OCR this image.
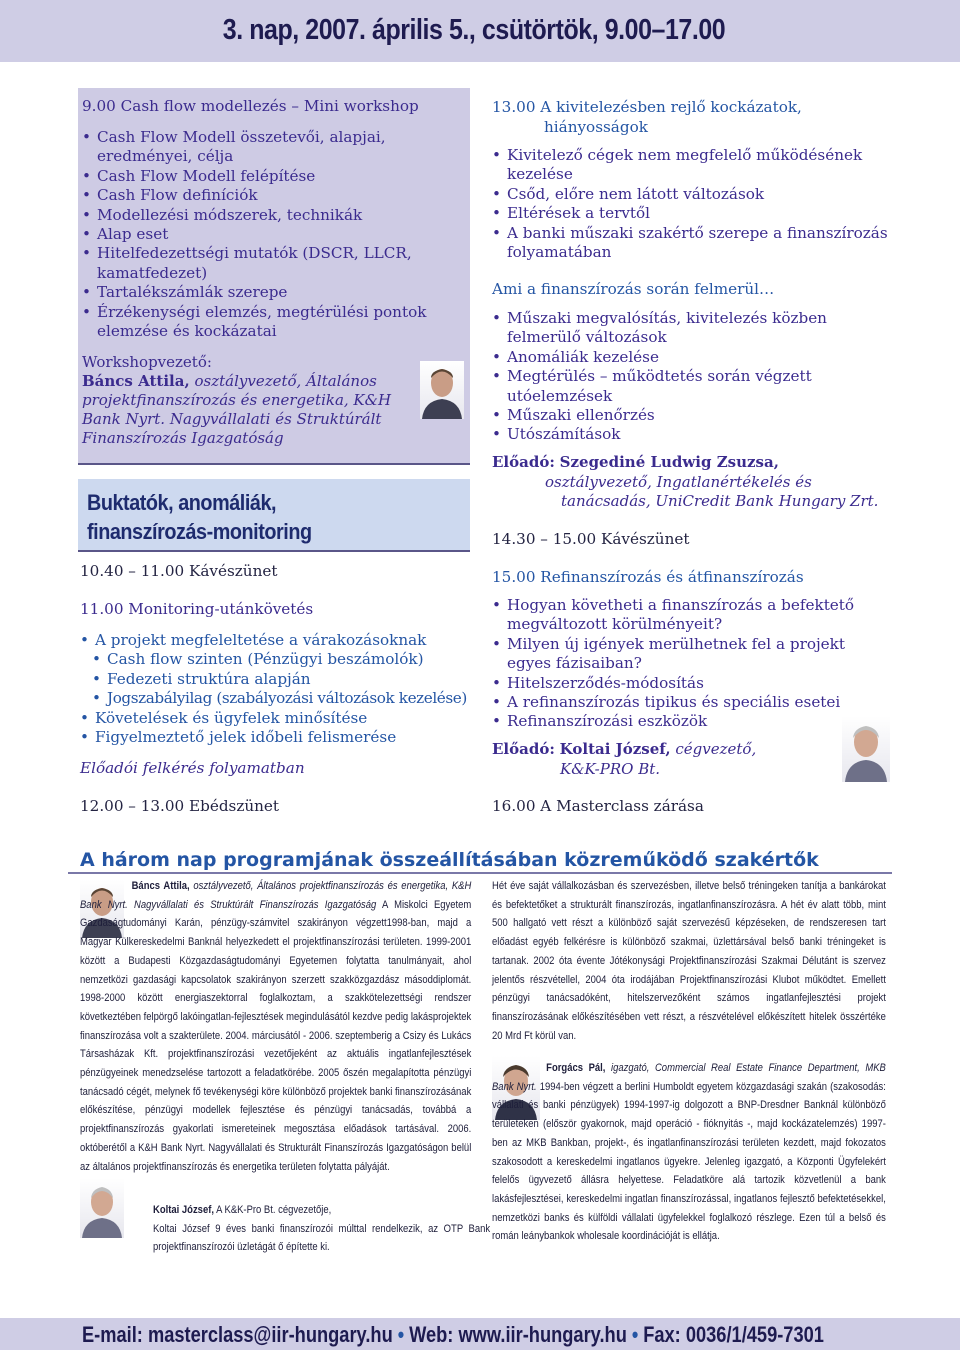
3. nap, 2007. április 5., csütörtök, 9.00–17.00
9.00 Cash flow modellezés – Mini workshop
• Cash Flow Modell összetevői, alapjai, eredményei, célja
• Cash Flow Modell felépítése
• Cash Flow definíciók
• Modellezési módszerek, technikák
• Alap eset
• Hitelfedezettségi mutatók (DSCR, LLCR, kamatfedezet)
• Tartalékszámlák szerepe
• Érzékenységi elemzés, megtérülési pontok elemzése és kockázatai
Workshopvezető:
Báncs Attila, osztályvezető, Általános projektfinanszírozás és energetika, K&H Bank Nyrt. Nagyvállalati és Struktúrált Finanszírozás Igazgatóság
Buktatók, anomáliák,
finanszírozás-monitoring
10.40 – 11.00 Kávészünet
11.00 Monitoring-utánkövetés
• A projekt megfeleltetése a várakozásoknak
• Cash flow szinten (Pénzügyi beszámolók)
• Fedezeti struktúra alapján
• Jogszabályilag (szabályozási változások kezelése)
• Követelések és ügyfelek minősítése
• Figyelmeztető jelek időbeli felismerése
Előadói felkérés folyamatban
12.00 – 13.00 Ebédszünet
13.00 A kivitelezésben rejlő kockázatok,
hiányosságok
• Kivitelező cégek nem megfelelő működésének kezelése
• Csőd, előre nem látott változások
• Eltérések a tervtől
• A banki műszaki szakértő szerepe a finanszírozás folyamatában
Ami a finanszírozás során felmerül…
• Műszaki megvalósítás, kivitelezés közben felmerülő változások
• Anomáliák kezelése
• Megtérülés – működtetés során végzett utóelemzések
• Műszaki ellenőrzés
• Utószámítások
Előadó: Szegediné Ludwig Zsuzsa,
osztályvezető, Ingatlanértékelés és
tanácsadás, UniCredit Bank Hungary Zrt.
14.30 – 15.00 Kávészünet
15.00 Refinanszírozás és átfinanszírozás
• Hogyan követheti a finanszírozás a befektető megváltozott körülményeit?
• Milyen új igények merülhetnek fel a projekt egyes fázisaiban?
• Hitelszerződés-módosítás
• A refinanszírozás tipikus és speciális esetei
• Refinanszírozási eszközök
Előadó: Koltai József, cégvezető,
K&K-PRO Bt.
16.00 A Masterclass zárása
A három nap programjának összeállításában közreműködő szakértők
Báncs Attila, osztályvezető, Általános projektfinanszírozás és energetika, K&H Bank Nyrt. Nagyvállalati és Struktúrált Finanszírozás Igazgatóság A Miskolci Egyetem Gazdaságtudományi Karán, pénzügy-számvitel szakirányon végzett1998-ban, majd a Magyar Külkereskedelmi Banknál helyezkedett el projektfinanszírozási területen. 1999-2001 között a Budapesti Közgazdaságtudományi Egyetemen folytatta tanulmányait, ahol nemzetközi gazdasági kapcsolatok szakirányon szerzett szakközgazdász másoddiplomát. 1998-2000 között energiaszektorral foglalkoztam, a szakkötelezettségi rendszer következtében felpörgő lakóingatlan-fejlesztések megindulásától kezdve pedig lakásprojektek finanszírozása volt a szakterülete. 2004. márciusától - 2006. szeptemberig a Csizy és Lukács Társasházak Kft. projektfinanszírozási vezetőjeként az aktuális ingatlanfejlesztések pénzügyeinek menedzselése tartozott a feladatkörébe. 2005 őszén megalapította pénzügyi tanácsadó cégét, melynek fő tevékenységi köre különböző projektek banki finanszírozásának előkészítése, pénzügyi modellek fejlesztése és pénzügyi tanácsadás, továbbá a projektfinanszírozás gyakorlati ismereteinek megosztása előadások tartásával. 2006. októberétől a K&H Bank Nyrt. Nagyvállalati és Strukturált Finanszírozás Igazgatóságon belül az általános projektfinanszírozás és energetika területen folytatta pályáját.
Koltai József, A K&K-Pro Bt. cégvezetője,
Koltai József 9 éves banki finanszírozói múlttal rendelkezik, az OTP Bank projektfinanszírozói üzletágát ő építette ki.
Hét éve saját vállalkozásban és szervezésben, illetve belső tréningeken tanítja a bankárokat és befektetőket a strukturált finanszírozás, ingatlanfinanszírozásra. A hét év alatt több, mint 500 hallgató vett részt a különböző saját szervezésű képzéseken, de rendszeresen tart előadást egyéb felkérésre is különböző szakmai, üzlettársával belső banki tréningeket is tartanak. 2002 óta évente Jótékonysági Projektfinanszírozási Szakmai Délutánt is szervez jelentős részvétellel, 2004 óta irodájában Projektfinanszírozási Klubot működtet. Emellett pénzügyi tanácsadóként, hitelszervezőként számos ingatlanfejlesztési projekt finanszírozásának előkészítésében vett részt, a részvételével előkészített hitelek összértéke 20 Mrd Ft körül van.
Forgács Pál, igazgató, Commercial Real Estate Finance Department, MKB Bank Nyrt. 1994-ben végzett a berlini Humboldt egyetem közgazdasági szakán (szakosodás: vállalati és banki pénzügyek) 1994-1997-ig dolgozott a BNP-Dresdner Banknál különböző területeken (először gyakornok, majd operáció - fióknyitás -, majd kockázatelemzés) 1997-ben az MKB Bankban, projekt-, és ingatlanfinanszírozási területen kezdett, majd fokozatos szakosodott a kereskedelmi ingatlanos ügyekre. Jelenleg igazgató, a Központi Ügyfelekért felelős ügyvezető állásra helyettese. Feladatköre alá tartozik közvetlenül a bank lakásfejlesztései, kereskedelmi ingatlan finanszírozással, ingatlanos fejlesztő befektetésekkel, nemzetközi banks és külföldi vállalati ügyfelekkel foglalkozó részlege. Ezen túl a belső és román leánybankok wholesale koordinációját is ellátja.
E-mail: masterclass@iir-hungary.hu • Web: www.iir-hungary.hu • Fax: 0036/1/459-7301
